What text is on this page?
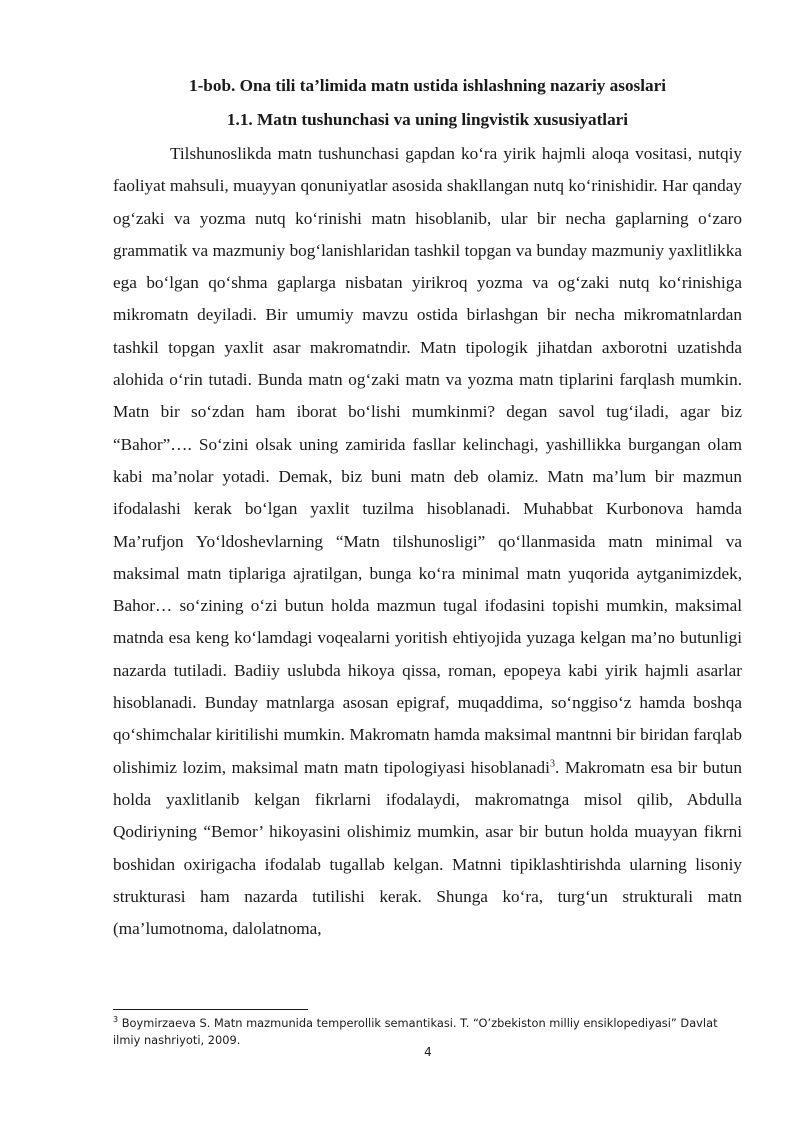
1-bob. Ona tili ta’limida matn ustida ishlashning nazariy asoslari
1.1. Matn tushunchasi va uning lingvistik xususiyatlari

Tilshunoslikda matn tushunchasi gapdan ko‘ra yirik hajmli aloqa vositasi, nutqiy faoliyat mahsuli, muayyan qonuniyatlar asosida shakllangan nutq ko‘rinishidir. Har qanday og‘zaki va yozma nutq ko‘rinishi matn hisoblanib, ular bir necha gaplarning o‘zaro grammatik va mazmuniy bog‘lanishlaridan tashkil topgan va bunday mazmuniy yaxlitlikka ega bo‘lgan qo‘shma gaplarga nisbatan yirikroq yozma va og‘zaki nutq ko‘rinishiga mikromatn deyiladi. Bir umumiy mavzu ostida birlashgan bir necha mikromatnlardan tashkil topgan yaxlit asar makromatndir. Matn tipologik jihatdan axborotni uzatishda alohida o‘rin tutadi. Bunda matn og‘zaki matn va yozma matn tiplarini farqlash mumkin. Matn bir so‘zdan ham iborat bo‘lishi mumkinmi? degan savol tug‘iladi, agar biz “Bahor”…. So‘zini olsak uning zamirida fasllar kelinchagi, yashillikka burgangan olam kabi ma’nolar yotadi. Demak, biz buni matn deb olamiz. Matn ma’lum bir mazmun ifodalashi kerak bo‘lgan yaxlit tuzilma hisoblanadi. Muhabbat Kurbonova hamda Ma’rufjon Yo‘ldoshevlarning “Matn tilshunosligi” qo‘llanmasida matn minimal va maksimal matn tiplariga ajratilgan, bunga ko‘ra minimal matn yuqorida aytganimizdek, Bahor… so‘zining o‘zi butun holda mazmun tugal ifodasini topishi mumkin, maksimal matnda esa keng ko‘lamdagi voqealarni yoritish ehtiyojida yuzaga kelgan ma’no butunligi nazarda tutiladi. Badiiy uslubda hikoya qissa, roman, epopeya kabi yirik hajmli asarlar hisoblanadi. Bunday matnlarga asosan epigraf, muqaddima, so‘nggiso‘z hamda boshqa qo‘shimchalar kiritilishi mumkin. Makromatn hamda maksimal mantnni bir biridan farqlab olishimiz lozim, maksimal matn matn tipologiyasi hisoblanadi$^3$. Makromatn esa bir butun holda yaxlitlanib kelgan fikrlarni ifodalaydi, makromatnga misol qilib, Abdulla Qodiriyning “Bemor’ hikoyasini olishimiz mumkin, asar bir butun holda muayyan fikrni boshidan oxirigacha ifodalab tugallab kelgan. Matnni tipiklashtirishda ularning lisoniy strukturasi ham nazarda tutilishi kerak. Shunga ko‘ra, turg‘un strukturali matn (ma’lumotnoma, dalolatnoma,

$^3$ Boymirzaeva S. Matn mazmunida temperollik semantikasi. T. “O’zbekiston milliy ensiklopediyasi” Davlat ilmiy nashriyoti, 2009.
4
